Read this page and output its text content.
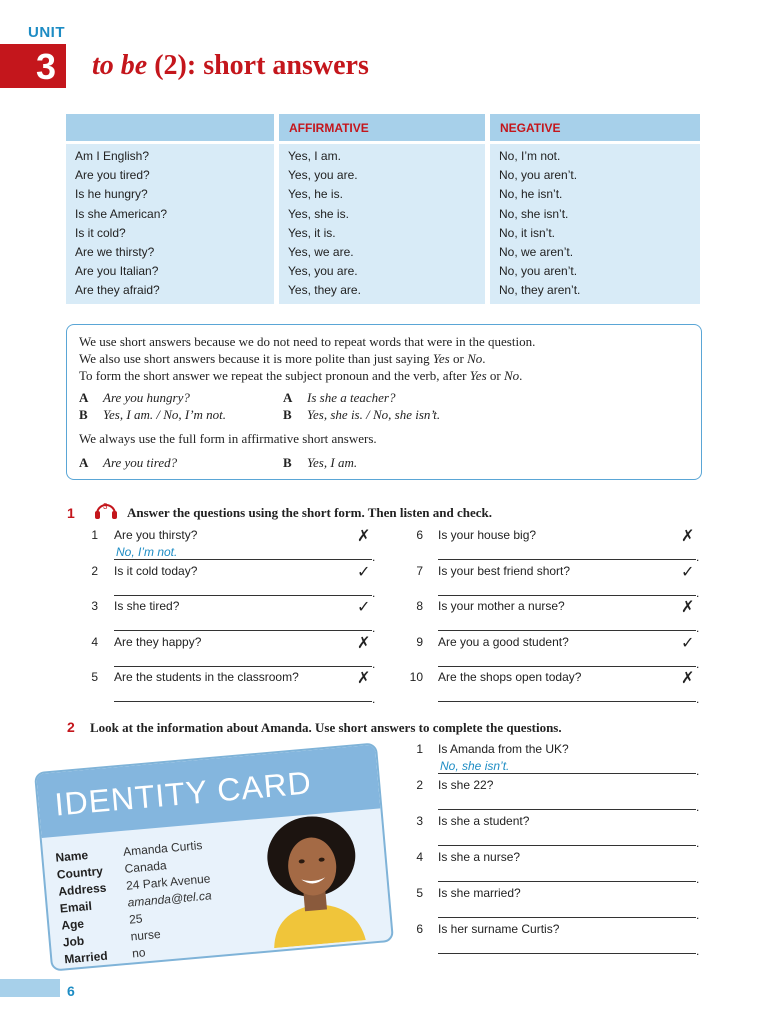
UNIT
3 to be (2): short answers
AFFIRMATIVE	NEGATIVE
Am I English?	Yes, I am.	No, I’m not.
Are you tired?	Yes, you are.	No, you aren’t.
Is he hungry?	Yes, he is.	No, he isn’t.
Is she American?	Yes, she is.	No, she isn’t.
Is it cold?	Yes, it is.	No, it isn’t.
Are we thirsty?	Yes, we are.	No, we aren’t.
Are you Italian?	Yes, you are.	No, you aren’t.
Are they afraid?	Yes, they are.	No, they aren’t.
We use short answers because we do not need to repeat words that were in the question.
We also use short answers because it is more polite than just saying Yes or No.
To form the short answer we repeat the subject pronoun and the verb, after Yes or No.
A Are you hungry?
B Yes, I am. / No, I’m not.
A Is she a teacher?
B Yes, she is. / No, she isn’t.
We always use the full form in affirmative short answers.
A Are you tired?	B Yes, I am.
1	3 Answer the questions using the short form. Then listen and check.
1 Are you thirsty?	✗
.
2 Is it cold today?	✓
.
3 Is she tired?	✓
.
4 Are they happy?	✗
.
5 Are the students in the classroom?	✗
.
6 Is your house big?	✗
.
7 Is your best friend short?	✓
.
8 Is your mother a nurse?	✗
.
9 Are you a good student?	✓
.
10 Are the shops open today?	✗
.
No, I’m not.
2 Look at the information about Amanda. Use short answers to complete the questions.
1 Is Amanda from the UK?
.
2 Is she 22?
.
3 Is she a student?
.
4 Is she a nurse?
.
5 Is she married?
.
6 Is her surname Curtis?
.
No, she isn’t.
IDENTITY CARD
Name	Amanda Curtis
Country Canada
Address 24 Park Avenue
Email	amanda@tel.ca
Age	25
Job	nurse
Married no
6
